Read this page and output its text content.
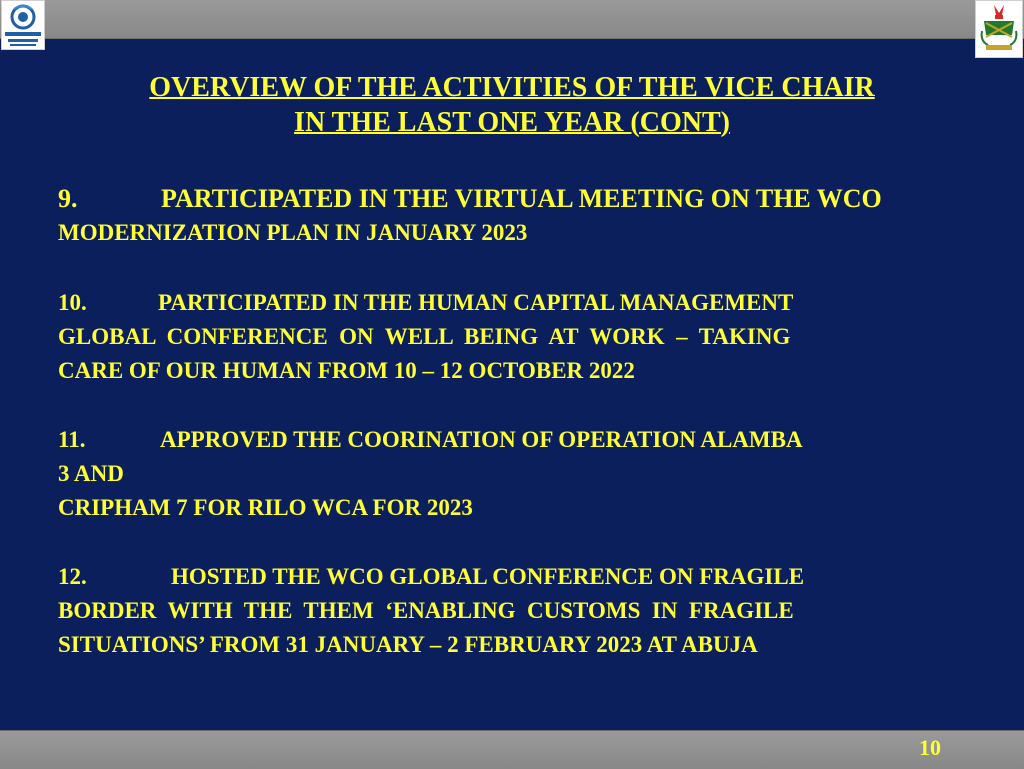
OVERVIEW OF THE ACTIVITIES OF THE VICE CHAIR
IN THE LAST ONE YEAR (CONT)
9.	PARTICIPATED IN THE VIRTUAL MEETING ON THE WCO
MODERNIZATION PLAN IN JANUARY 2023
10.	PARTICIPATED IN THE HUMAN CAPITAL MANAGEMENT
GLOBAL  CONFERENCE  ON  WELL  BEING  AT  WORK  –  TAKING
CARE OF OUR HUMAN FROM 10 – 12 OCTOBER 2022
11.	APPROVED THE COORINATION OF OPERATION ALAMBA
3 AND
CRIPHAM 7 FOR RILO WCA FOR 2023
12.	HOSTED THE WCO GLOBAL CONFERENCE ON FRAGILE
BORDER  WITH  THE  THEM  ‘ENABLING  CUSTOMS  IN  FRAGILE
SITUATIONS’ FROM 31 JANUARY – 2 FEBRUARY 2023 AT ABUJA
10
